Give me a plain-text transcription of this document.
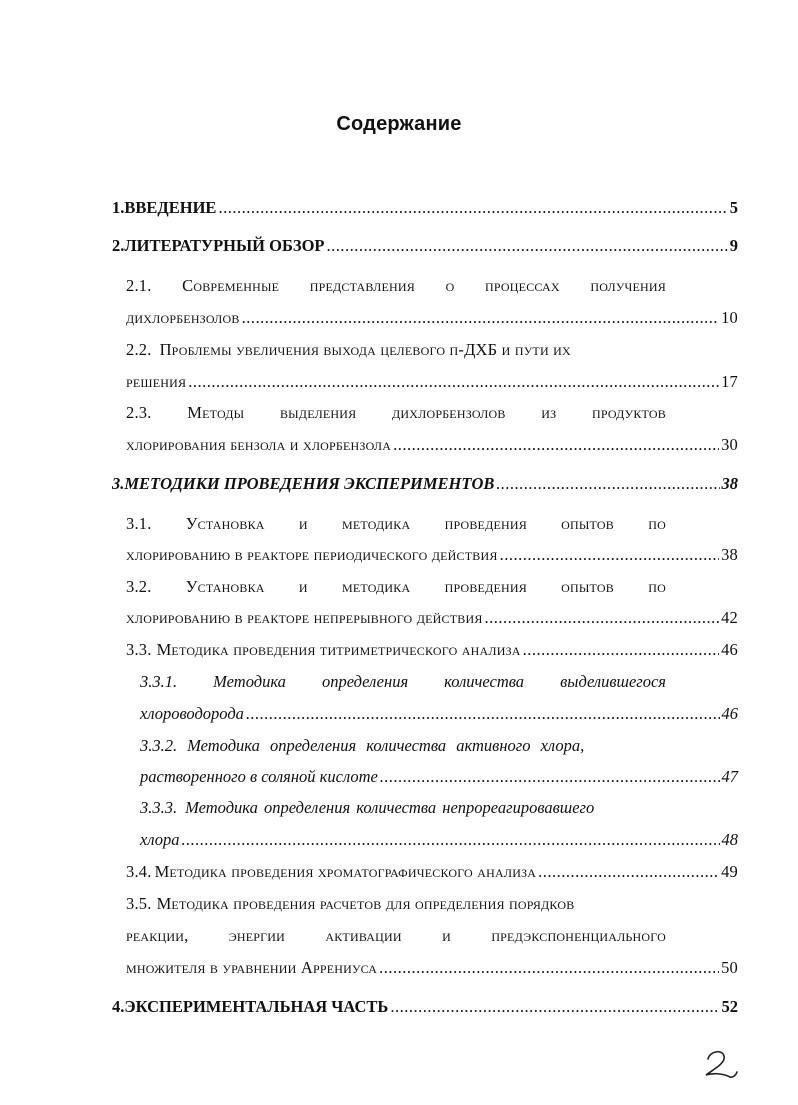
Содержание
1. ВВЕДЕНИЕ .....	5
2. ЛИТЕРАТУРНЫЙ ОБЗОР .....	9
2.1. Современные представления о процессах получения
дихлорбензолов .....	10
2.2. Проблемы увеличения выхода целевого п-ДХБ и пути их
решения .....	17
2.3. Методы выделения дихлорбензолов из продуктов
хлорирования бензола и хлорбензола .....	30
3. МЕТОДИКИ ПРОВЕДЕНИЯ ЭКСПЕРИМЕНТОВ .....	38
3.1. Установка и методика проведения опытов по
хлорированию в реакторе периодического действия .....	38
3.2. Установка и методика проведения опытов по
хлорированию в реакторе непрерывного действия .....	42
3.3. Методика проведения титриметрического анализа .....	46
3.3.1. Методика определения количества выделившегося
хлороводорода .....	46
3.3.2. Методика определения количества активного хлора,
растворенного в соляной кислоте .....	47
3.3.3. Методика определения количества непрореагировавшего
хлора .....	48
3.4. Методика проведения хроматографического анализа .....	49
3.5. Методика проведения расчетов для определения порядков
реакции, энергии активации и предэкспоненциального
множителя в уравнении Аррениуса .....	50
4. ЭКСПЕРИМЕНТАЛЬНАЯ ЧАСТЬ .....	52
